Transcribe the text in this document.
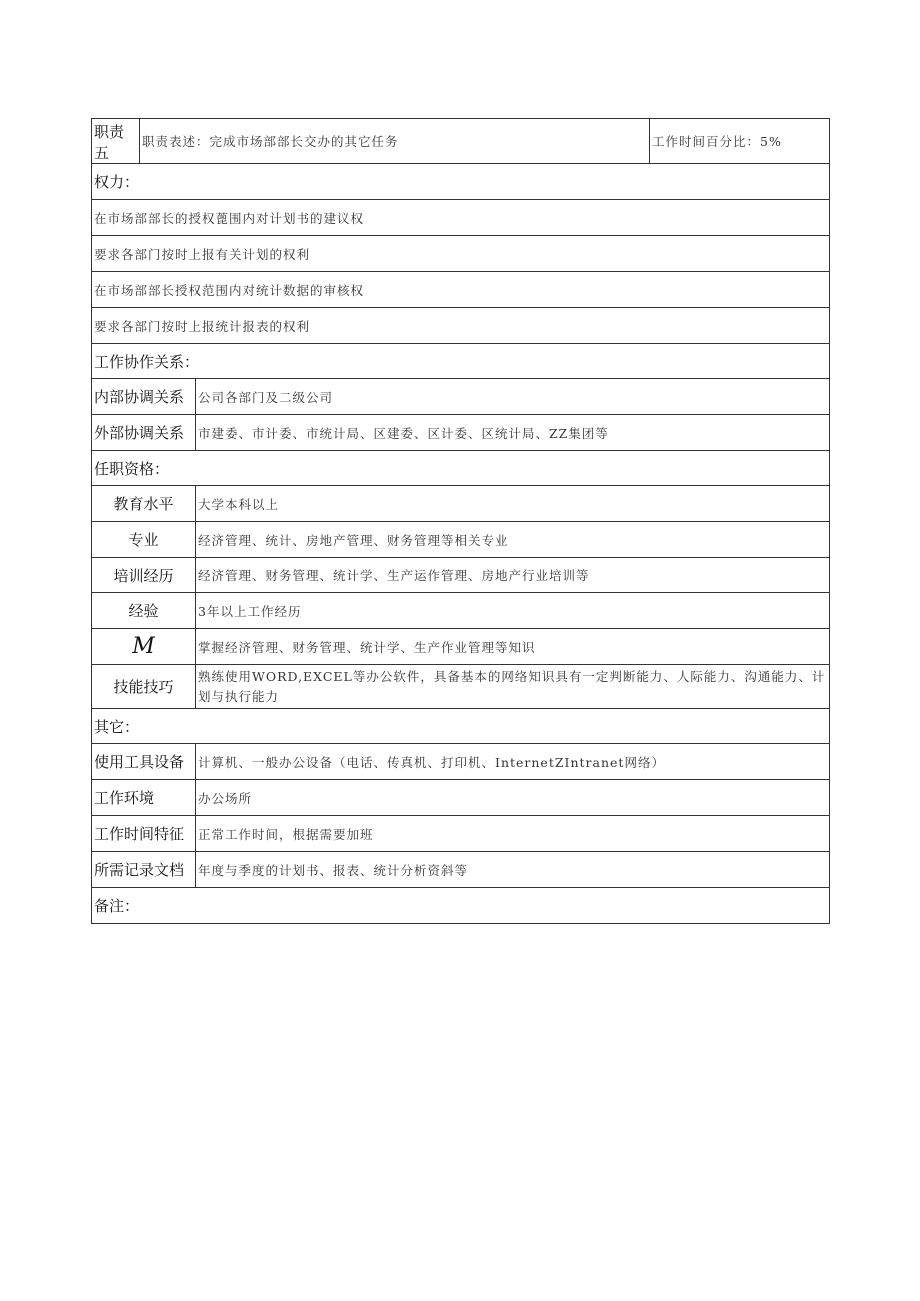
职责五	职责表述：完成市场部部长交办的其它任务		工作时间百分比：5%
权力：			
在市场部部长的授权蓖围内对计划书的建议权			
要求各部门按时上报有关计划的权利			
在市场部部长授权范围内对统计数据的审核权			
要求各部门按时上报统计报表的权利			
工作协作关系：			
内部协调关系		公司各部门及二级公司	
外部协调关系		市建委、市计委、市统计局、区建委、区计委、区统计局、ZZ集团等	
任职资格：			
教育水平		大学本科以上	
专业		经济管理、统计、房地产管理、财务管理等相关专业	
培训经历		经济管理、财务管理、统计学、生产运作管理、房地产行业培训等	
经验		3年以上工作经历	
M		掌握经济管理、财务管理、统计学、生产作业管理等知识	
技能技巧		熟练使用WORD,EXCEL等办公软件，具备基本的网络知识具有一定判断能力、人际能力、沟通能力、计划与执行能力	
其它：			
使用工具设备		计算机、一般办公设备（电话、传真机、打印机、InternetZIntranet网络）	
工作环境		办公场所	
工作时间特征		正常工作时间，根据需要加班	
所需记录文档		年度与季度的计划书、报表、统计分析资斜等	
备注：			
